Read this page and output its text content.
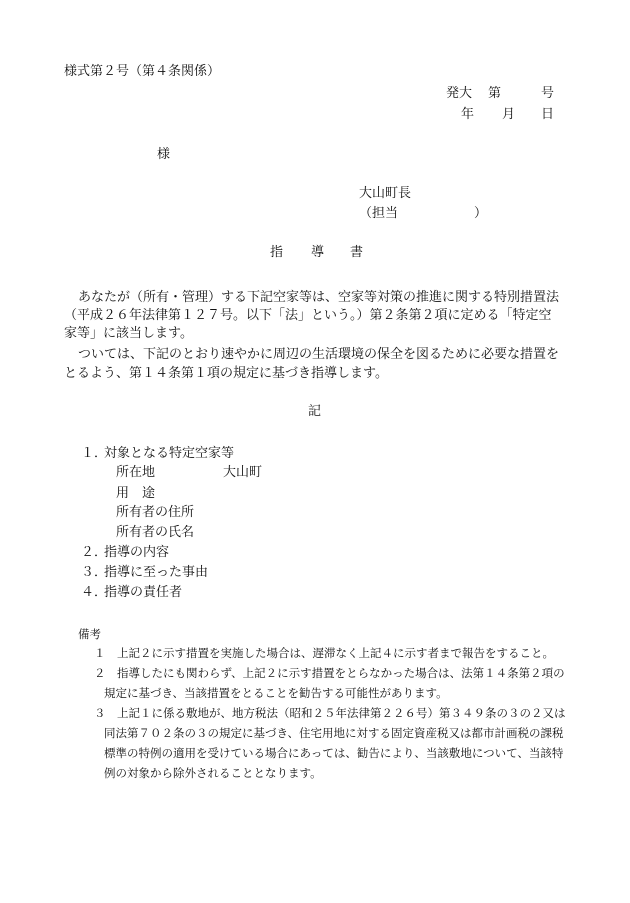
様式第２号（第４条関係）
発大 第	号
年 月 日
様
大山町長
（担当	）
指 導 書
あなたが（所有・管理）する下記空家等は、空家等対策の推進に関する特別措置法
（平成２６年法律第１２７号。以下「法」という。）第２条第２項に定める「特定空
家等」に該当します。
ついては、下記のとおり速やかに周辺の生活環境の保全を図るために必要な措置を
とるよう、第１４条第１項の規定に基づき指導します。
記
１．
対象となる特定空家等
所在地	大山町
用　途
所有者の住所
所有者の氏名
２．
指導の内容
３．
指導に至った事由
４．
指導の責任者
備考
１ 上記２に示す措置を実施した場合は、遅滞なく上記４に示す者まで報告をすること。
２ 指導したにも関わらず、上記２に示す措置をとらなかった場合は、法第１４条第２項の
規定に基づき、当該措置をとることを勧告する可能性があります。
３ 上記１に係る敷地が、地方税法（昭和２５年法律第２２６号）第３４９条の３の２又は
同法第７０２条の３の規定に基づき、住宅用地に対する固定資産税又は都市計画税の課税
標準の特例の適用を受けている場合にあっては、勧告により、当該敷地について、当該特
例の対象から除外されることとなります。
